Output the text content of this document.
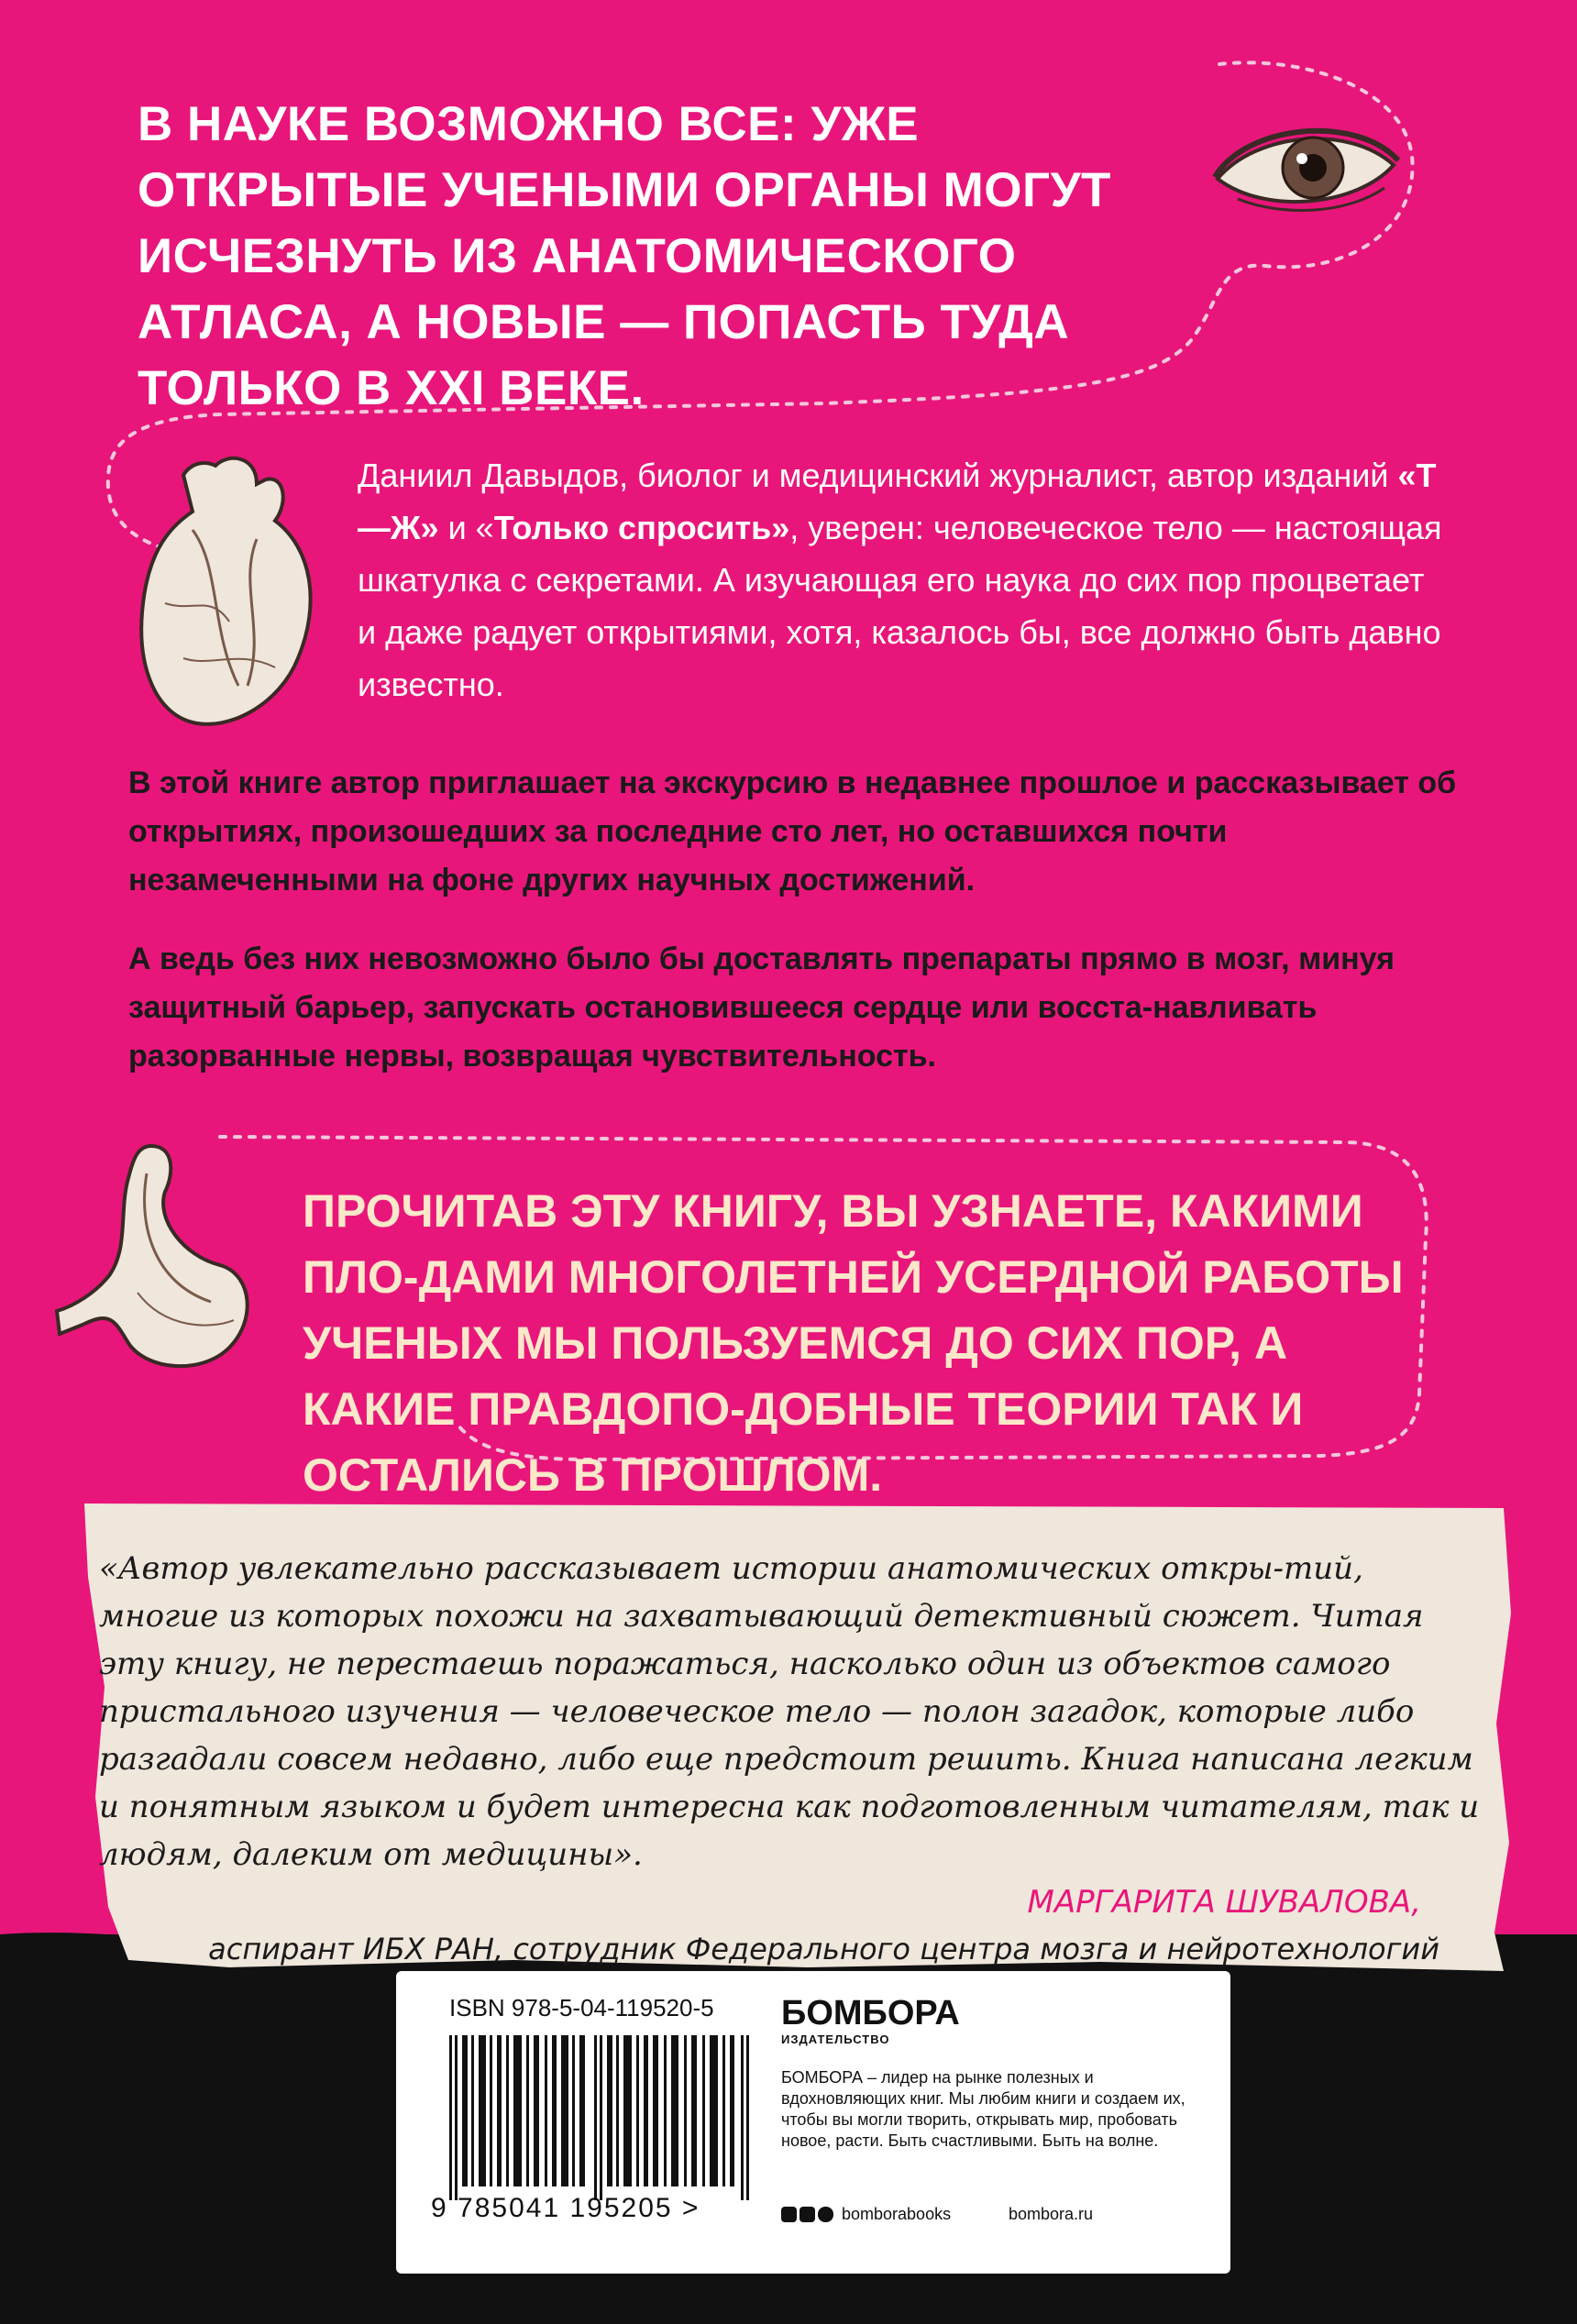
В НАУКЕ ВОЗМОЖНО ВСЕ: УЖЕ ОТКРЫТЫЕ УЧЕНЫМИ ОРГАНЫ МОГУТ ИСЧЕЗНУТЬ ИЗ АНАТОМИЧЕСКОГО АТЛАСА, А НОВЫЕ — ПОПАСТЬ ТУДА ТОЛЬКО В XXI ВЕКЕ.
Даниил Давыдов, биолог и медицинский журналист, автор изданий «Т—Ж» и «Только спросить», уверен: человеческое тело — настоящая шкатулка с секретами. А изучающая его наука до сих пор процветает и даже радует открытиями, хотя, казалось бы, все должно быть давно известно.
В этой книге автор приглашает на экскурсию в недавнее прошлое и рассказывает об открытиях, произошедших за последние сто лет, но оставшихся почти незамеченными на фоне других научных достижений.
А ведь без них невозможно было бы доставлять препараты прямо в мозг, минуя защитный барьер, запускать остановившееся сердце или восста-навливать разорванные нервы, возвращая чувствительность.
ПРОЧИТАВ ЭТУ КНИГУ, ВЫ УЗНАЕТЕ, КАКИМИ ПЛО-ДАМИ МНОГОЛЕТНЕЙ УСЕРДНОЙ РАБОТЫ УЧЕНЫХ МЫ ПОЛЬЗУЕМСЯ ДО СИХ ПОР, А КАКИЕ ПРАВДОПО-ДОБНЫЕ ТЕОРИИ ТАК И ОСТАЛИСЬ В ПРОШЛОМ.
«Автор увлекательно рассказывает истории анатомических откры-тий, многие из которых похожи на захватывающий детективный сюжет. Читая эту книгу, не перестаешь поражаться, насколько один из объектов самого пристального изучения — человеческое тело — полон загадок, которые либо разгадали совсем недавно, либо еще предстоит решить. Книга написана легким и понятным языком и будет интересна как подготовленным читателям, так и людям, далеким от медицины».
МАРГАРИТА ШУВАЛОВА,
аспирант ИБХ РАН, сотрудник Федерального центра мозга и нейротехнологий
ISBN 978-5-04-119520-5
9 785041 195205 >
БОМБОРА
ИЗДАТЕЛЬСТВО
БОМБОРА – лидер на рынке полезных и вдохновляющих книг. Мы любим книги и создаем их, чтобы вы могли творить, открывать мир, пробовать новое, расти. Быть счастливыми. Быть на волне.
bomborabooks	bombora.ru
